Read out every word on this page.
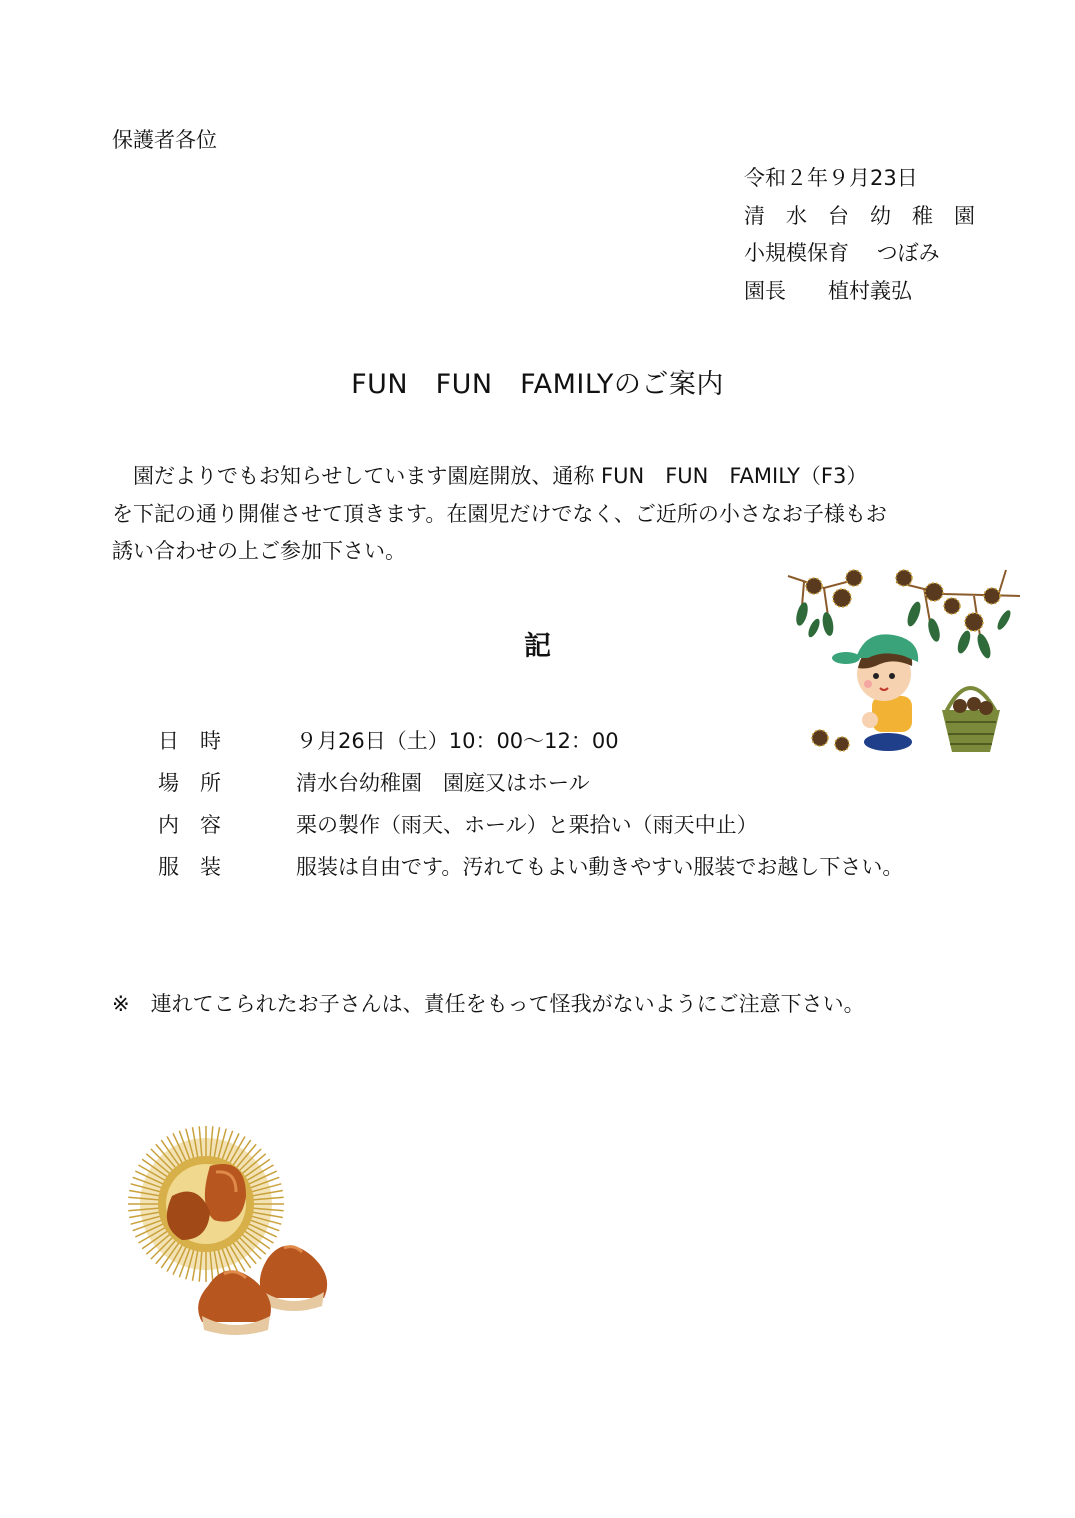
保護者各位
令和２年９月23日
清　水　台　幼　稚　園
小規模保育　 つぼみ
園長　　植村義弘
FUN　FUN　FAMILYのご案内
　園だよりでもお知らせしています園庭開放、通称 FUN　FUN　FAMILY（F3）
を下記の通り開催させて頂きます。在園児だけでなく、ご近所の小さなお子様もお
誘い合わせの上ご参加下さい。
記
日　時	９月26日（土）10：00～12：00
場　所	清水台幼稚園　園庭又はホール
内　容	栗の製作（雨天、ホール）と栗拾い（雨天中止）
服　装	服装は自由です。汚れてもよい動きやすい服装でお越し下さい。
※　連れてこられたお子さんは、責任をもって怪我がないようにご注意下さい。
